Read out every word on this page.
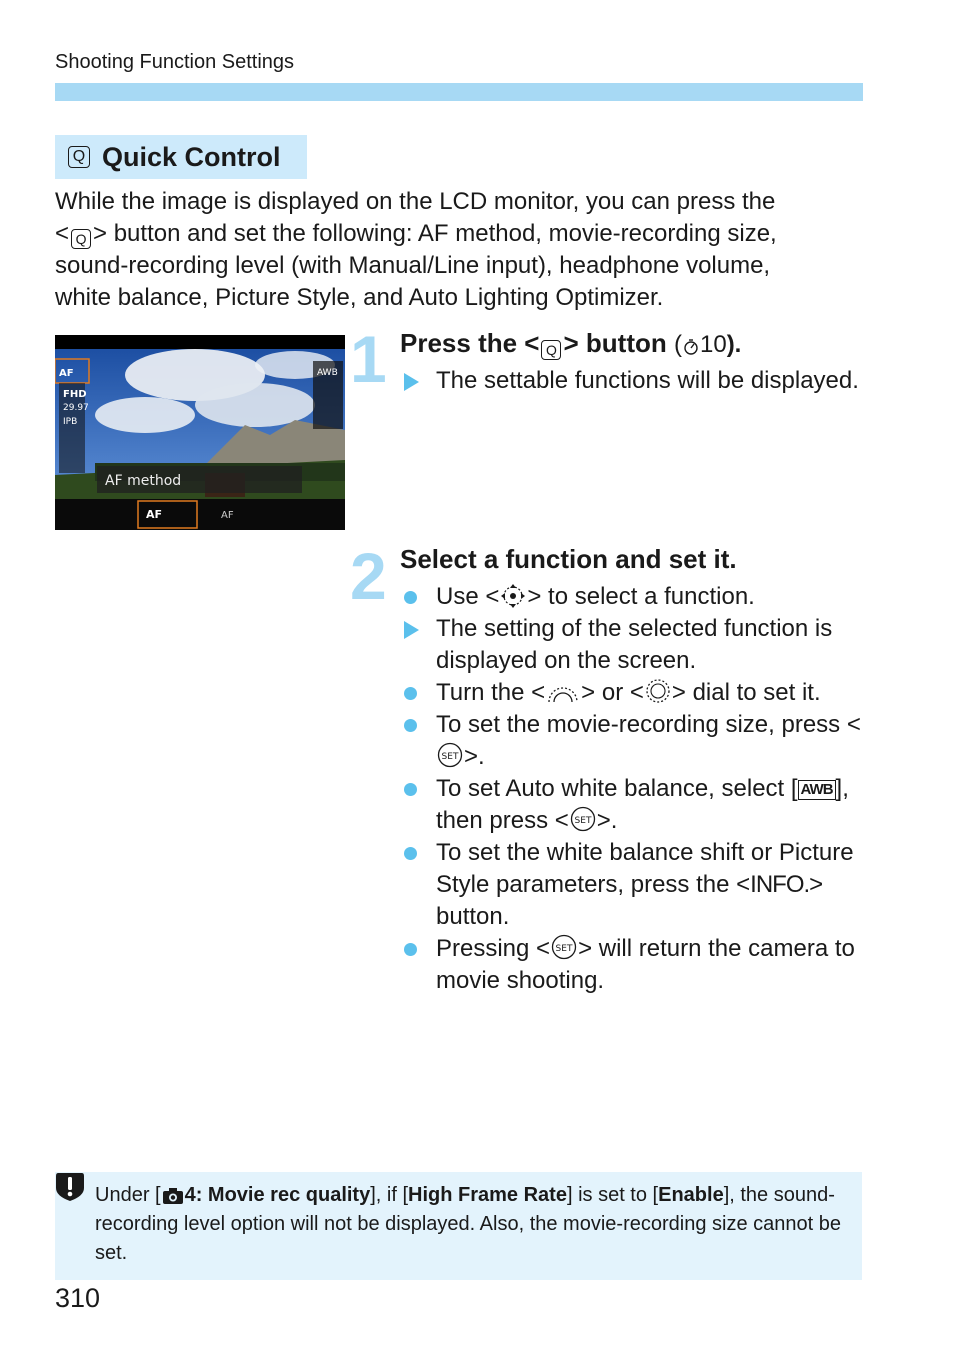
Shooting Function Settings
Q Quick Control
While the image is displayed on the LCD monitor, you can press the
< Q > button and set the following: AF method, movie-recording size,
sound-recording level (with Manual/Line input), headphone volume,
white balance, Picture Style, and Auto Lighting Optimizer.
AF method
AF
FHD
29.97
IPB
AWB
AF	AF
1 Press the < Q > button ( 10).
The settable functions will be displayed.
2 Select a function and set it.
Use < > to select a function.
The setting of the selected function is displayed on the screen.
Turn the < > or < > dial to set it.
To set the movie-recording size, press <
SET >.
To set Auto white balance, select [ AWB ], then press < SET >.
To set the white balance shift or Picture Style parameters, press the <INFO.> button.
Pressing < SET > will return the camera to movie shooting.
Under [ 4: Movie rec quality], if [High Frame Rate] is set to [Enable], the sound-recording level option will not be displayed. Also, the movie-recording size cannot be set.
310
